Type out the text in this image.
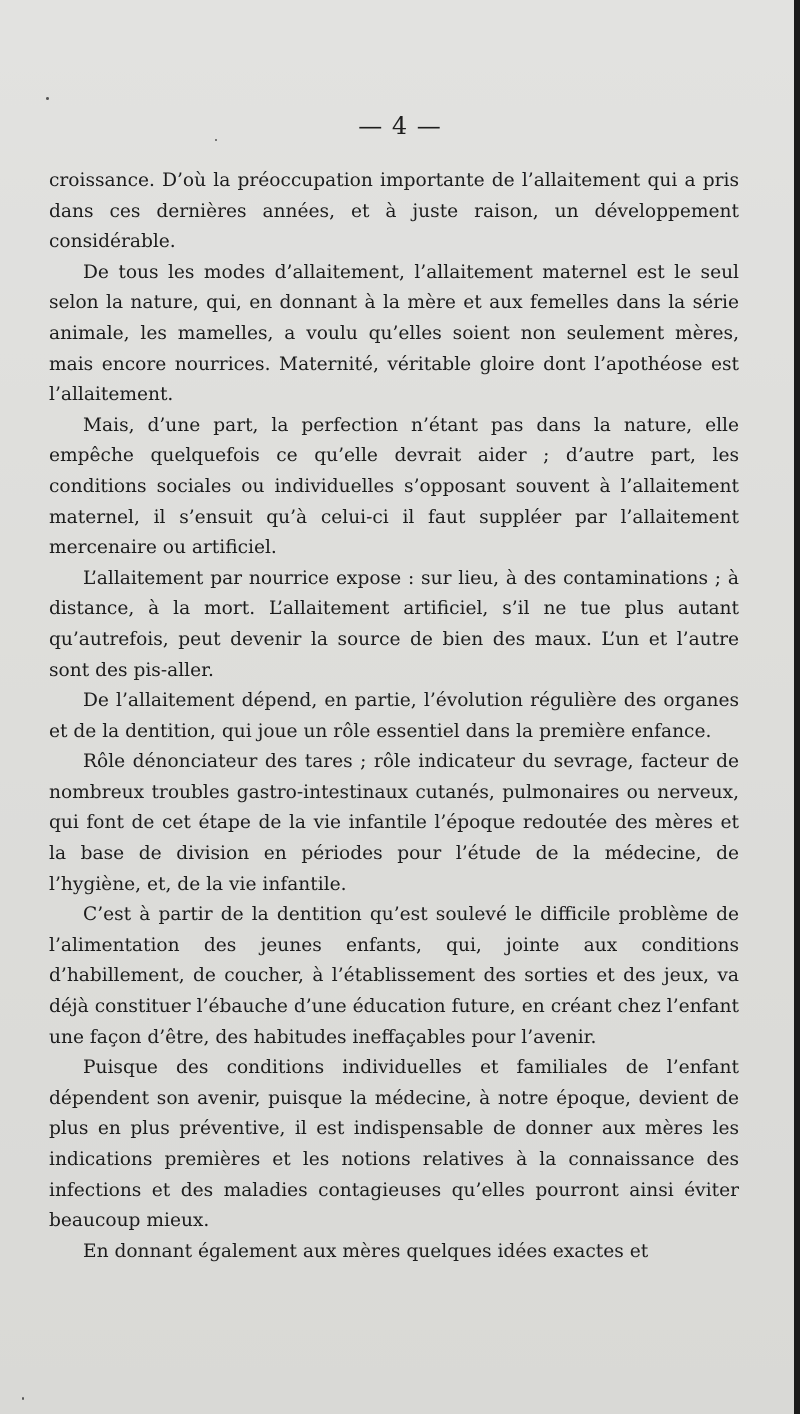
— 4 —

croissance. D’où la préoccupation importante de l’allaitement qui a pris dans ces dernières années, et à juste raison, un développement considérable.

De tous les modes d’allaitement, l’allaitement maternel est le seul selon la nature, qui, en donnant à la mère et aux femelles dans la série animale, les mamelles, a voulu qu’elles soient non seulement mères, mais encore nourrices. Maternité, véritable gloire dont l’apothéose est l’allaitement.

Mais, d’une part, la perfection n’étant pas dans la nature, elle empêche quelquefois ce qu’elle devrait aider ; d’autre part, les conditions sociales ou individuelles s’opposant souvent à l’allaitement maternel, il s’ensuit qu’à celui-ci il faut suppléer par l’allaitement mercenaire ou artificiel.

L’allaitement par nourrice expose : sur lieu, à des contaminations ; à distance, à la mort. L’allaitement artificiel, s’il ne tue plus autant qu’autrefois, peut devenir la source de bien des maux. L’un et l’autre sont des pis-aller.

De l’allaitement dépend, en partie, l’évolution régulière des organes et de la dentition, qui joue un rôle essentiel dans la première enfance.

Rôle dénonciateur des tares ; rôle indicateur du sevrage, facteur de nombreux troubles gastro-intestinaux cutanés, pulmonaires ou nerveux, qui font de cet étape de la vie infantile l’époque redoutée des mères et la base de division en périodes pour l’étude de la médecine, de l’hygiène, et, de la vie infantile.

C’est à partir de la dentition qu’est soulevé le difficile problème de l’alimentation des jeunes enfants, qui, jointe aux conditions d’habillement, de coucher, à l’établissement des sorties et des jeux, va déjà constituer l’ébauche d’une éducation future, en créant chez l’enfant une façon d’être, des habitudes ineffaçables pour l’avenir.

Puisque des conditions individuelles et familiales de l’enfant dépendent son avenir, puisque la médecine, à notre époque, devient de plus en plus préventive, il est indispensable de donner aux mères les indications premières et les notions relatives à la connaissance des infections et des maladies contagieuses qu’elles pourront ainsi éviter beaucoup mieux.

En donnant également aux mères quelques idées exactes et
